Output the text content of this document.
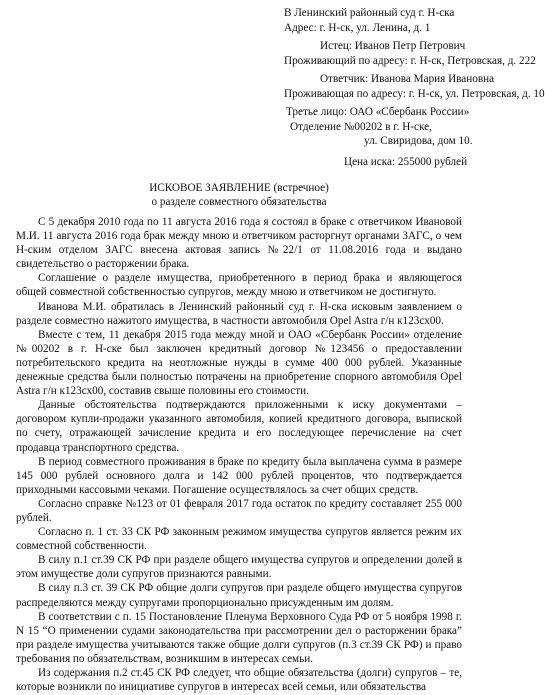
В Ленинский районный суд г. Н-ска
Адрес: г. Н-ск, ул. Ленина, д. 1
Истец: Иванов Петр Петрович
Проживающий по адресу: г. Н-ск, Петровская, д. 222
Ответчик: Иванова Мария Ивановна
Проживающая по адресу: г. Н-ск, ул. Петровская, д. 10
Третье лицо: ОАО «Сбербанк России»
Отделение №00202 в г. Н-ске,
ул. Свиридова, дом 10.
Цена иска: 255000 рублей
ИСКОВОЕ ЗАЯВЛЕНИЕ (встречное)
о разделе совместного обязательства

С 5 декабря 2010 года по 11 августа 2016 года я состоял в браке с ответчиком Ивановой М.И. 11 августа 2016 года брак между мною и ответчиком расторгнут органами ЗАГС, о чем Н-ским отделом ЗАГС внесена актовая запись №22/1 от 11.08.2016 года и выдано свидетельство о расторжении брака.

Соглашение о разделе имущества, приобретенного в период брака и являющегося общей совместной собственностью супругов, между мною и ответчиком не достигнуто.

Иванова М.И. обратилась в Ленинский районный суд г. Н-ска исковым заявлением о разделе совместно нажитого имущества, в частности автомобиля Opel Astra г/н к123сх00.

Вместе с тем, 11 декабря 2015 года между мной и ОАО «Сбербанк России» отделение №00202 в г. Н-ске был заключен кредитный договор №123456 о предоставлении потребительского кредита на неотложные нужды в сумме 400 000 рублей. Указанные денежные средства были полностью потрачены на приобретение спорного автомобиля Opel Astra г/н к123сх00, составив свыше половины его стоимости.

Данные обстоятельства подтверждаются приложенными к иску документами – договором купли-продажи указанного автомобиля, копией кредитного договора, выпиской по счету, отражающей зачисление кредита и его последующее перечисление на счет продавца транспортного средства.

В период совместного проживания в браке по кредиту была выплачена сумма в размере 145 000 рублей основного долга и 142 000 рублей процентов, что подтверждается приходными кассовыми чеками. Погашение осуществлялось за счет общих средств.

Согласно справке №123 от 01 февраля 2017 года остаток по кредиту составляет 255 000 рублей.

Согласно п. 1 ст. 33 СК РФ законным режимом имущества супругов является режим их совместной собственности.

В силу п.1 ст.39 СК РФ при разделе общего имущества супругов и определении долей в этом имуществе доли супругов признаются равными.

В силу п.3 ст. 39 СК РФ общие долги супругов при разделе общего имущества супругов распределяются между супругами пропорционально присужденным им долям.

В соответствии с п. 15 Постановление Пленума Верховного Суда РФ от 5 ноября 1998 г. N 15 “О применении судами законодательства при рассмотрении дел о расторжении брака” при разделе имущества учитываются также общие долги супругов (п.3 ст.39 СК РФ) и право требования по обязательствам, возникшим в интересах семьи.

Из содержания п.2 ст.45 СК РФ следует, что общие обязательства (долги) супругов – те, которые возникли по инициативе супругов в интересах всей семьи, или обязательства
